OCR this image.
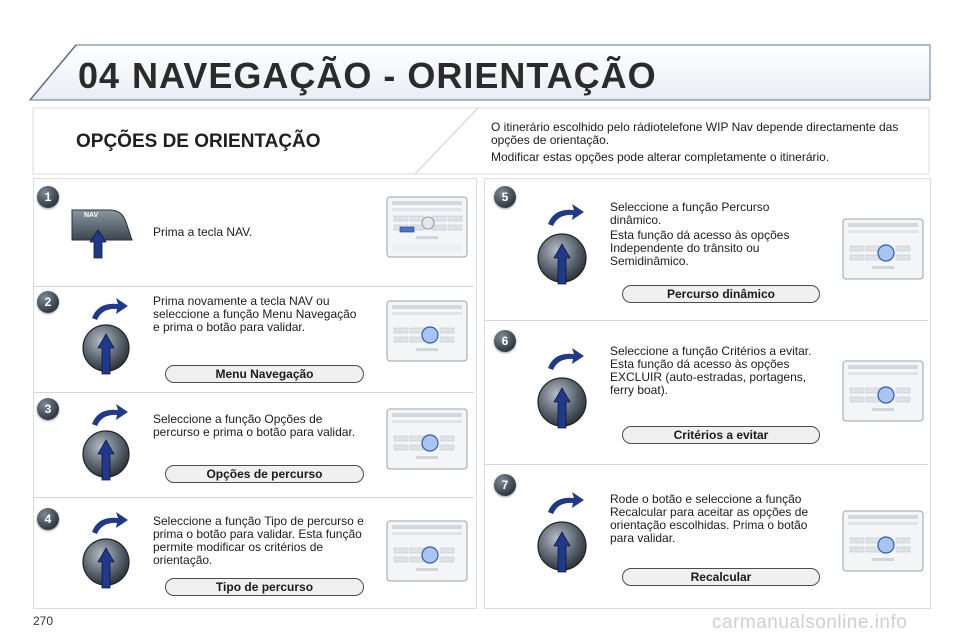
04 NAVEGAÇÃO - ORIENTAÇÃO
OPÇÕES DE ORIENTAÇÃO
O itinerário escolhido pelo rádiotelefone WIP Nav depende directamente das opções de orientação.
Modificar estas opções pode alterar completamente o itinerário.
1
2
3
4
5
6
7
NAV
Prima a tecla NAV.
Prima novamente a tecla NAV ou seleccione a função Menu Navegação e prima o botão para validar.
Menu Navegação
Seleccione a função Opções de percurso e prima o botão para validar.
Opções de percurso
Seleccione a função Tipo de percurso e prima o botão para validar. Esta função permite modificar os critérios de orientação.
Tipo de percurso
Seleccione a função Percurso dinâmico.
Esta função dá acesso às opções Independente do trânsito ou Semidinâmico.
Percurso dinâmico
Seleccione a função Critérios a evitar. Esta função dá acesso às opções EXCLUIR (auto-estradas, portagens, ferry boat).
Critérios a evitar
Rode o botão e seleccione a função Recalcular para aceitar as opções de orientação escolhidas. Prima o botão para validar.
Recalcular
270	carmanualsonline.info
